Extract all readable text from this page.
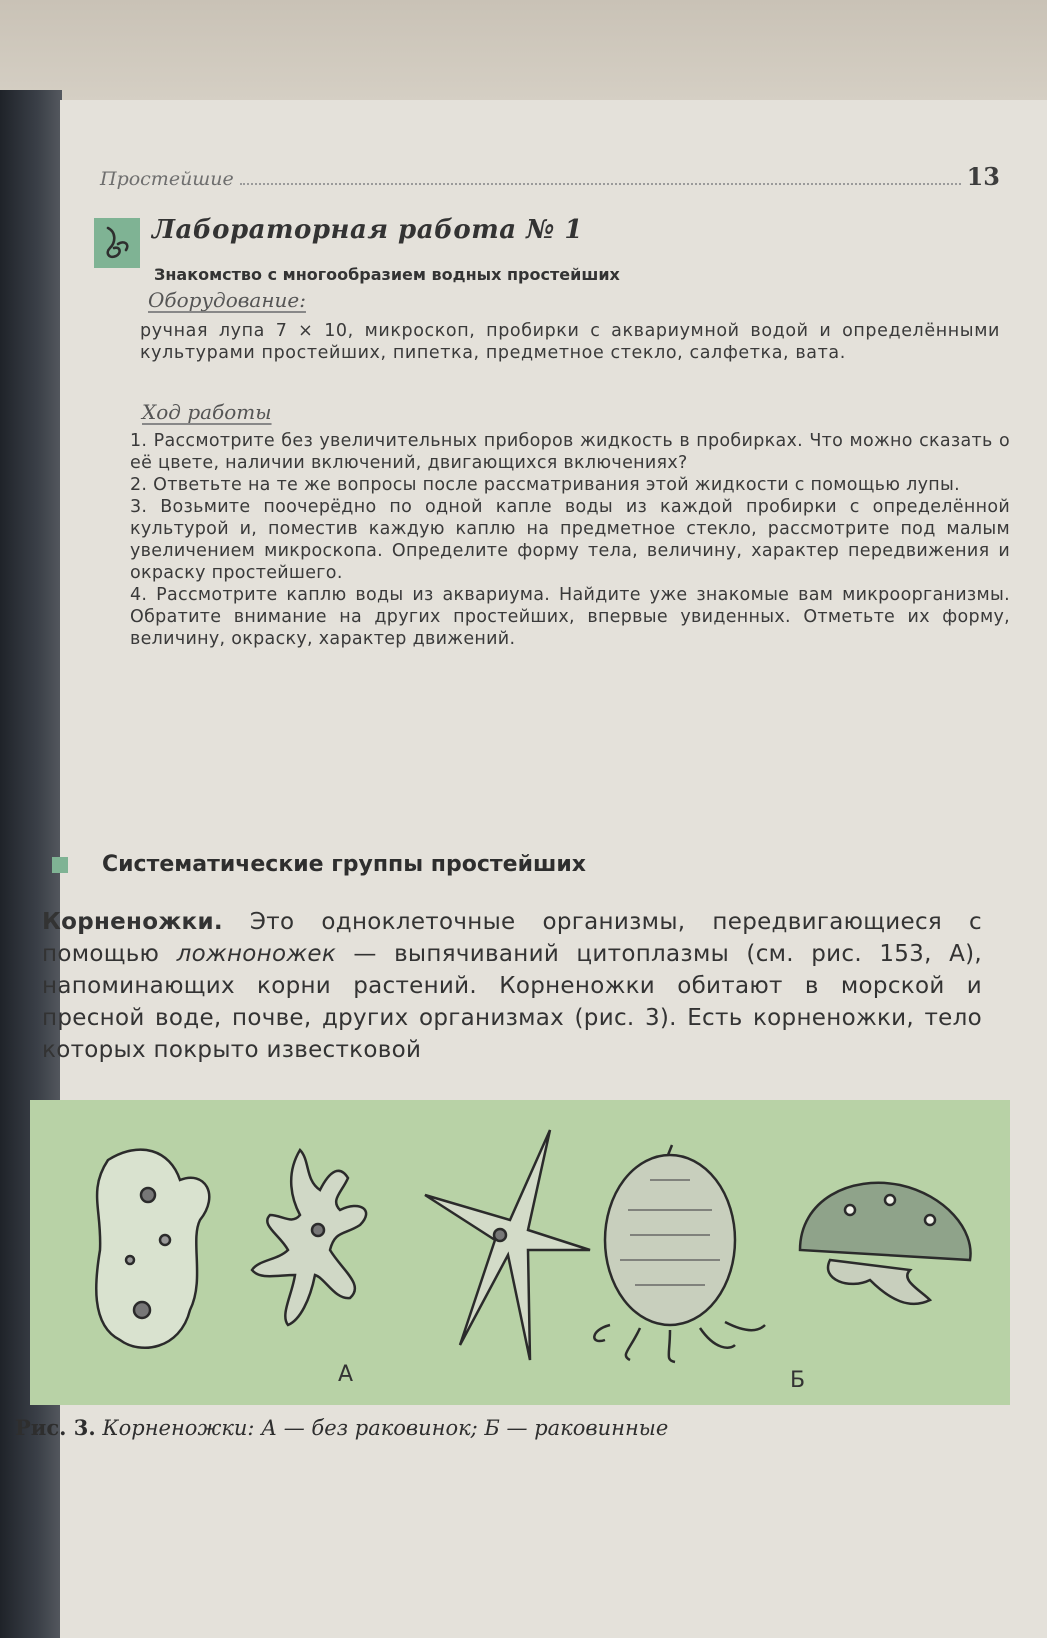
Простейшие	13
Лабораторная работа № 1
Знакомство с многообразием водных простейших
Оборудование:
ручная лупа 7 × 10, микроскоп, пробирки с аквариумной водой и определёнными культурами простейших, пипетка, предметное стекло, салфетка, вата.
Ход работы

1. Рассмотрите без увеличительных приборов жидкость в пробирках. Что можно сказать о её цвете, наличии включений, двигающихся включениях?

2. Ответьте на те же вопросы после рассматривания этой жидкости с помощью лупы.

3. Возьмите поочерёдно по одной капле воды из каждой пробирки с определённой культурой и, поместив каждую каплю на предметное стекло, рассмотрите под малым увеличением микроскопа. Определите форму тела, величину, характер передвижения и окраску простейшего.

4. Рассмотрите каплю воды из аквариума. Найдите уже знакомые вам микроорганизмы. Обратите внимание на других простейших, впервые увиденных. Отметьте их форму, величину, окраску, характер движений.

Систематические группы простейших
Корненожки. Это одноклеточные организмы, передвигающиеся с помощью ложноножек — выпячиваний цитоплазмы (см. рис. 153, А), напоминающих корни растений. Корненожки обитают в морской и пресной воде, почве, других организмах (рис. 3). Есть корненожки, тело которых покрыто известковой
А	Б
Рис. 3. Корненожки: А — без раковинок; Б — раковинные
